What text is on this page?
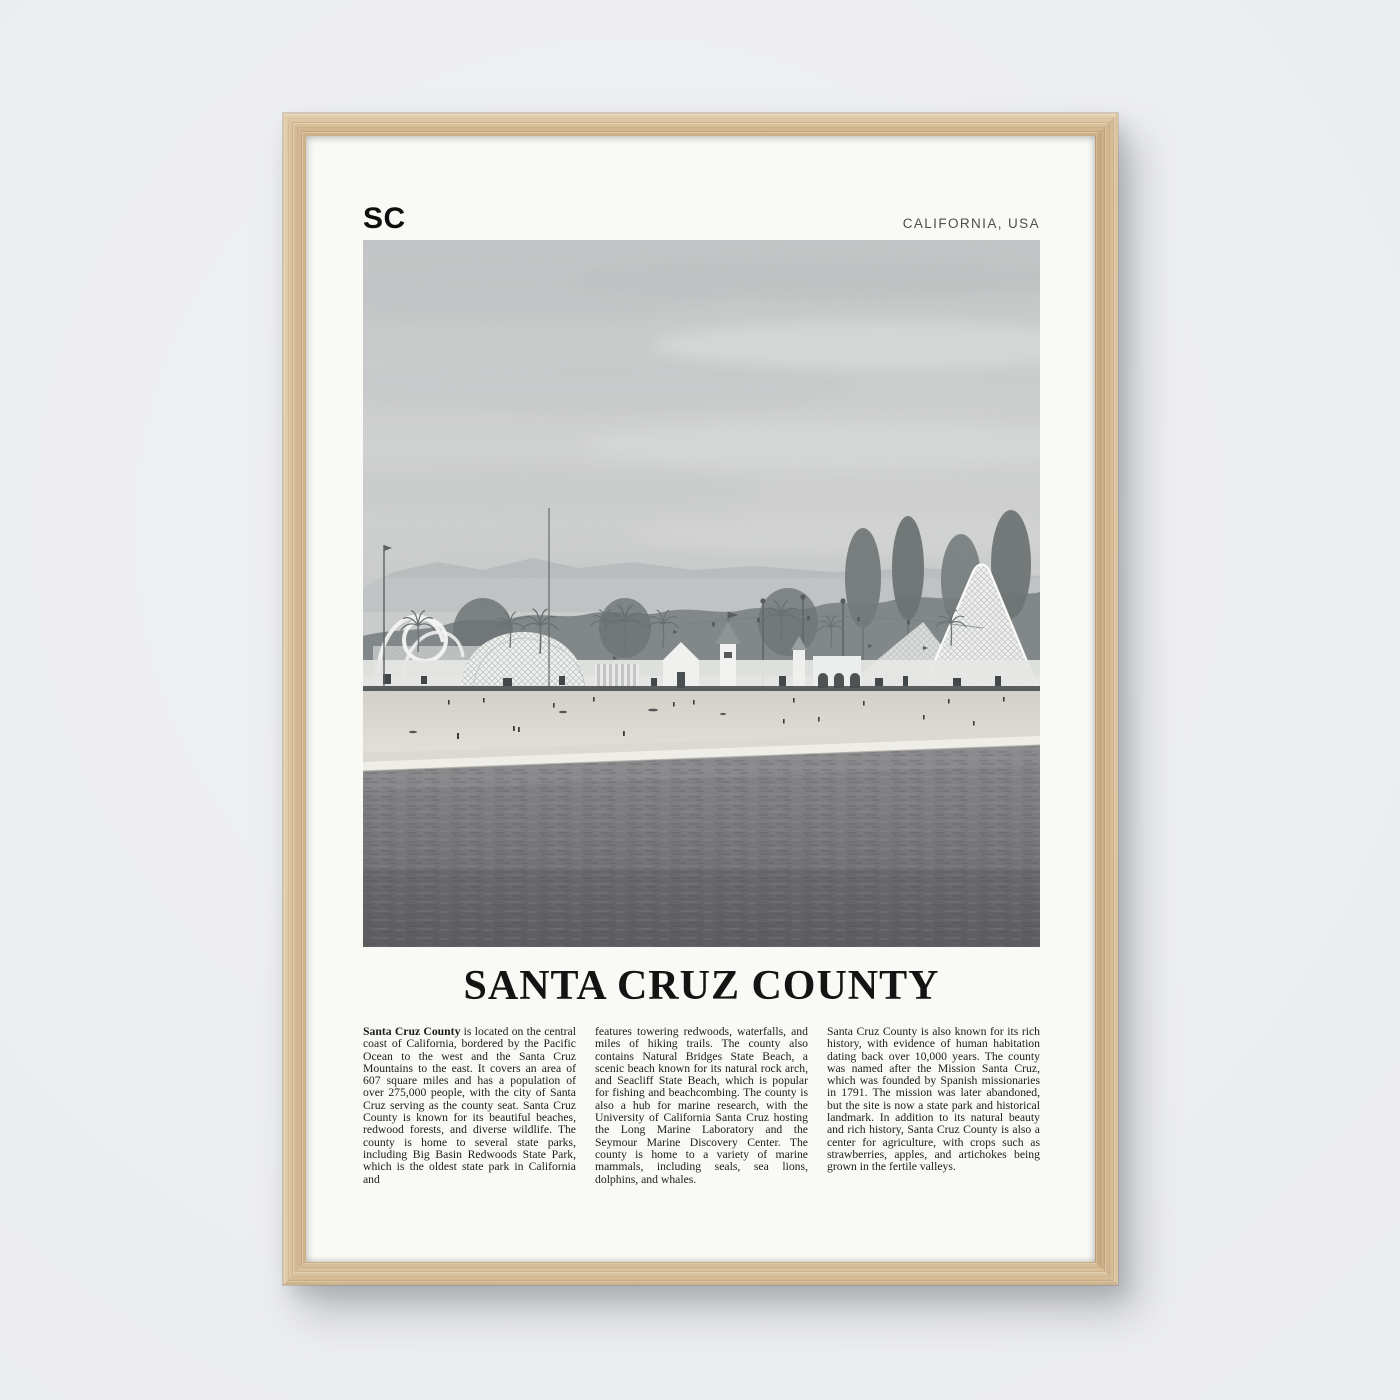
SC	CALIFORNIA, USA
SANTA CRUZ COUNTY
Santa Cruz County is located on the central coast of California, bordered by the Pacific Ocean to the west and the Santa Cruz Mountains to the east. It covers an area of 607 square miles and has a population of over 275,000 people, with the city of Santa Cruz serving as the county seat. Santa Cruz County is known for its beautiful beaches, redwood forests, and diverse wildlife. The county is home to several state parks, including Big Basin Redwoods State Park, which is the oldest state park in California and
features towering redwoods, waterfalls, and miles of hiking trails. The county also contains Natural Bridges State Beach, a scenic beach known for its natural rock arch, and Seacliff State Beach, which is popular for fishing and beachcombing. The county is also a hub for marine research, with the University of California Santa Cruz hosting the Long Marine Laboratory and the Seymour Marine Discovery Center. The county is home to a variety of marine mammals, including seals, sea lions, dolphins, and whales.
Santa Cruz County is also known for its rich history, with evidence of human habitation dating back over 10,000 years. The county was named after the Mission Santa Cruz, which was founded by Spanish missionaries in 1791. The mission was later abandoned, but the site is now a state park and historical landmark. In addition to its natural beauty and rich history, Santa Cruz County is also a center for agriculture, with crops such as strawberries, apples, and artichokes being grown in the fertile valleys.
